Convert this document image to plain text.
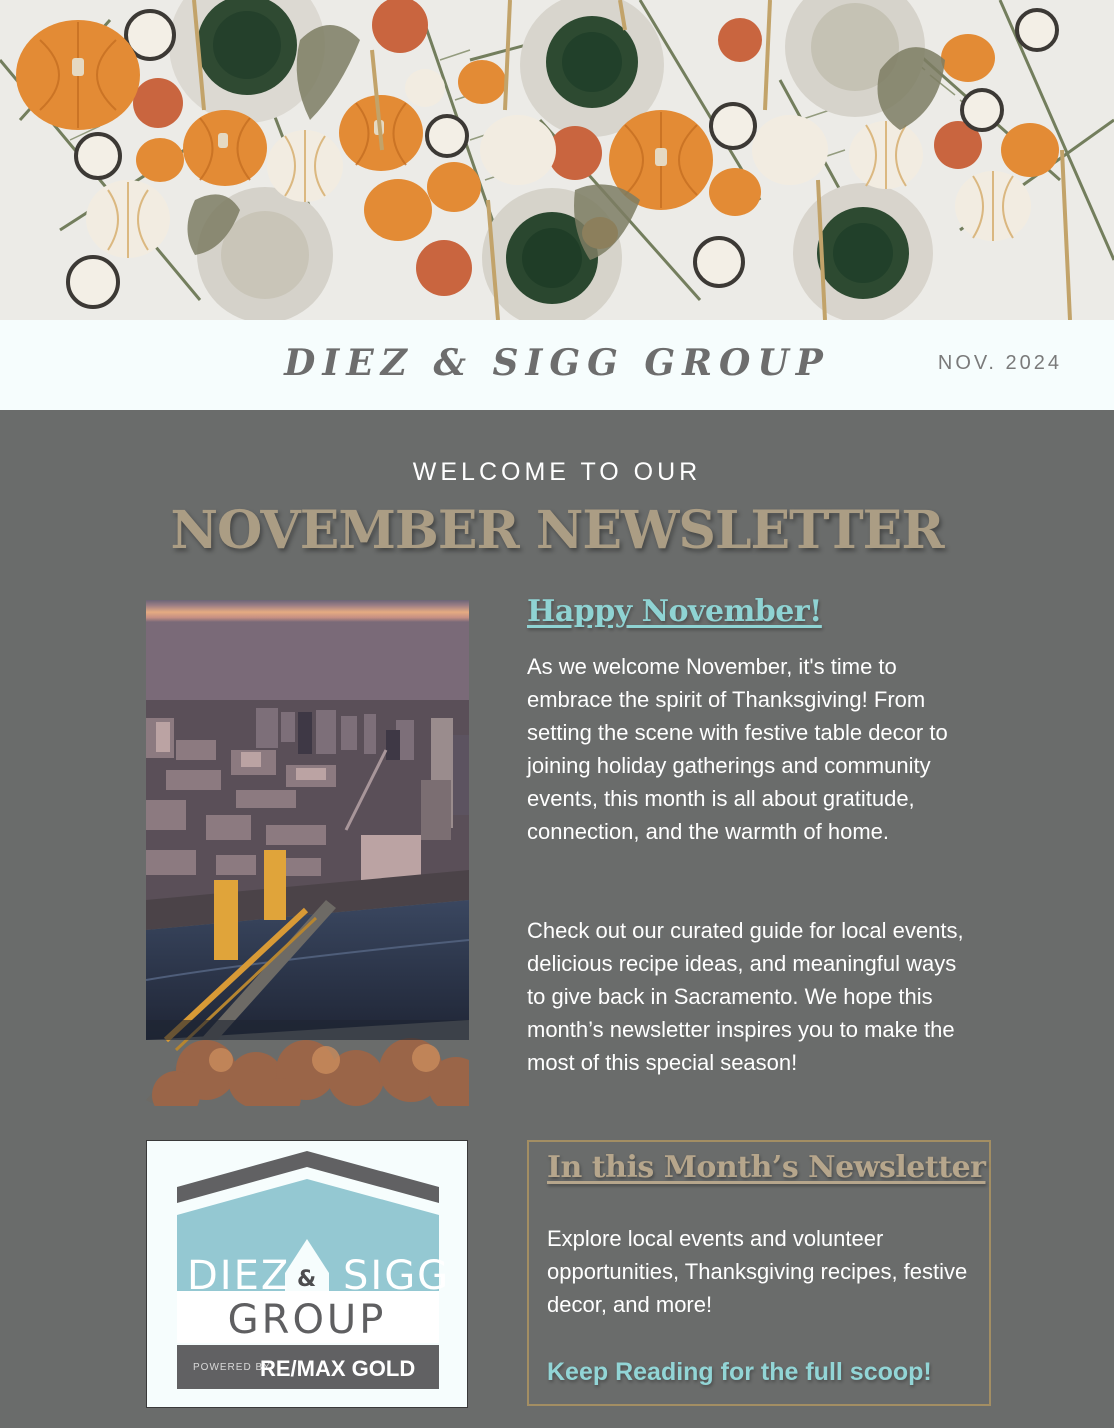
DIEZ & SIGG GROUP	NOV. 2024
WELCOME TO OUR
NOVEMBER NEWSLETTER
Happy November!

As we welcome November, it's time to embrace the spirit of Thanksgiving! From setting the scene with festive table decor to joining holiday gatherings and community events, this month is all about gratitude, connection, and the warmth of home.

Check out our curated guide for local events, delicious recipe ideas, and meaningful ways to give back in Sacramento. We hope this month’s newsletter inspires you to make the most of this special season!

DIEZ & SIGG
GROUP
POWERED BY
RE/MAX GOLD
In this Month’s Newsletter

Explore local events and volunteer opportunities, Thanksgiving recipes, festive decor, and more!

Keep Reading for the full scoop!
